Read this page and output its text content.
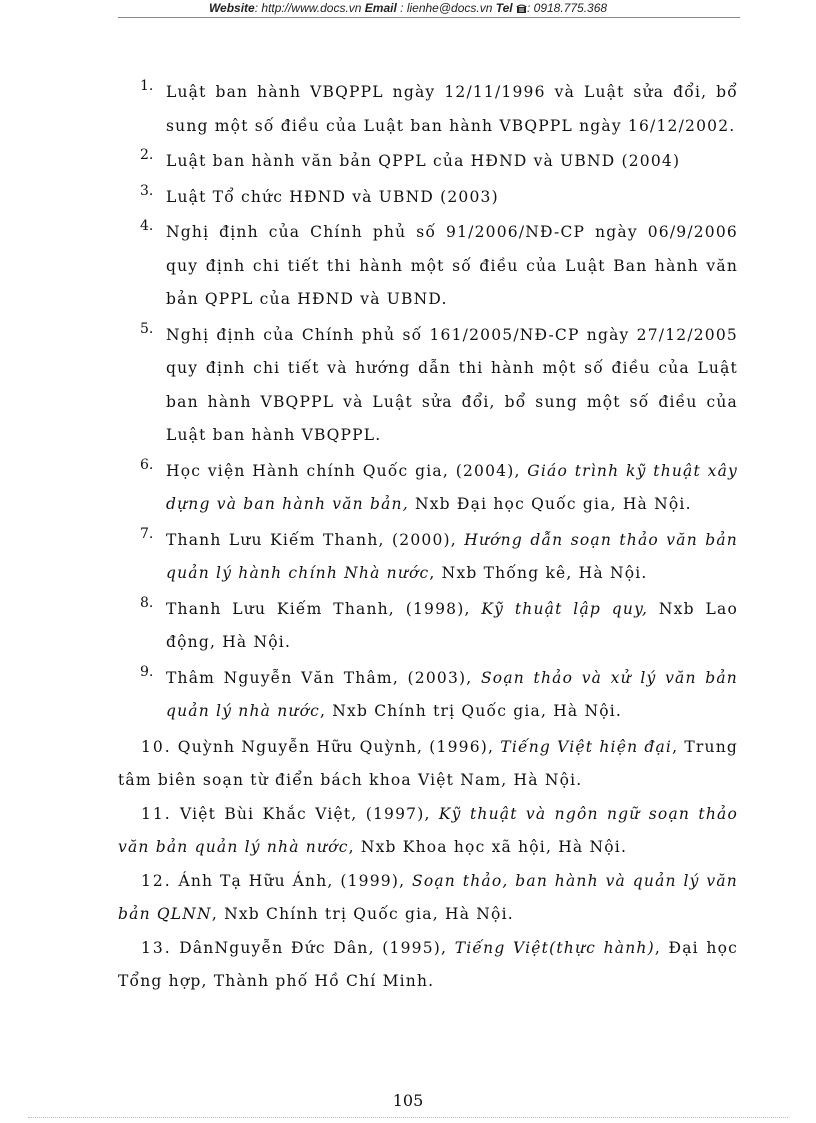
Website: http://www.docs.vn Email : lienhe@docs.vn Tel : 0918.775.368
1. Luật ban hành VBQPPL ngày 12/11/1996 và Luật sửa đổi, bổ sung một số điều của Luật ban hành VBQPPL ngày 16/12/2002.
2. Luật ban hành văn bản QPPL của HĐND và UBND (2004)
3. Luật Tổ chức HĐND và UBND (2003)
4. Nghị định của Chính phủ số 91/2006/NĐ-CP ngày 06/9/2006 quy định chi tiết thi hành một số điều của Luật Ban hành văn bản QPPL của HĐND và UBND.
5. Nghị định của Chính phủ số 161/2005/NĐ-CP ngày 27/12/2005 quy định chi tiết và hướng dẫn thi hành một số điều của Luật ban hành VBQPPL và Luật sửa đổi, bổ sung một số điều của Luật ban hành VBQPPL.
6. Học viện Hành chính Quốc gia, (2004), Giáo trình kỹ thuật xây dựng và ban hành văn bản, Nxb Đại học Quốc gia, Hà Nội.
7. Thanh Lưu Kiếm Thanh, (2000), Hướng dẫn soạn thảo văn bản quản lý hành chính Nhà nước, Nxb Thống kê, Hà Nội.
8. Thanh Lưu Kiếm Thanh, (1998), Kỹ thuật lập quy, Nxb Lao động, Hà Nội.
9. Thâm Nguyễn Văn Thâm, (2003), Soạn thảo và xử lý văn bản quản lý nhà nước, Nxb Chính trị Quốc gia, Hà Nội.
10. Quỳnh Nguyễn Hữu Quỳnh, (1996), Tiếng Việt hiện đại, Trung tâm biên soạn từ điển bách khoa Việt Nam, Hà Nội.
11. Việt Bùi Khắc Việt, (1997), Kỹ thuật và ngôn ngữ soạn thảo văn bản quản lý nhà nước, Nxb Khoa học xã hội, Hà Nội.
12. Ánh Tạ Hữu Ánh, (1999), Soạn thảo, ban hành và quản lý văn bản QLNN, Nxb Chính trị Quốc gia, Hà Nội.
13. DânNguyễn Đức Dân, (1995), Tiếng Việt(thực hành), Đại học Tổng hợp, Thành phố Hồ Chí Minh.
105
